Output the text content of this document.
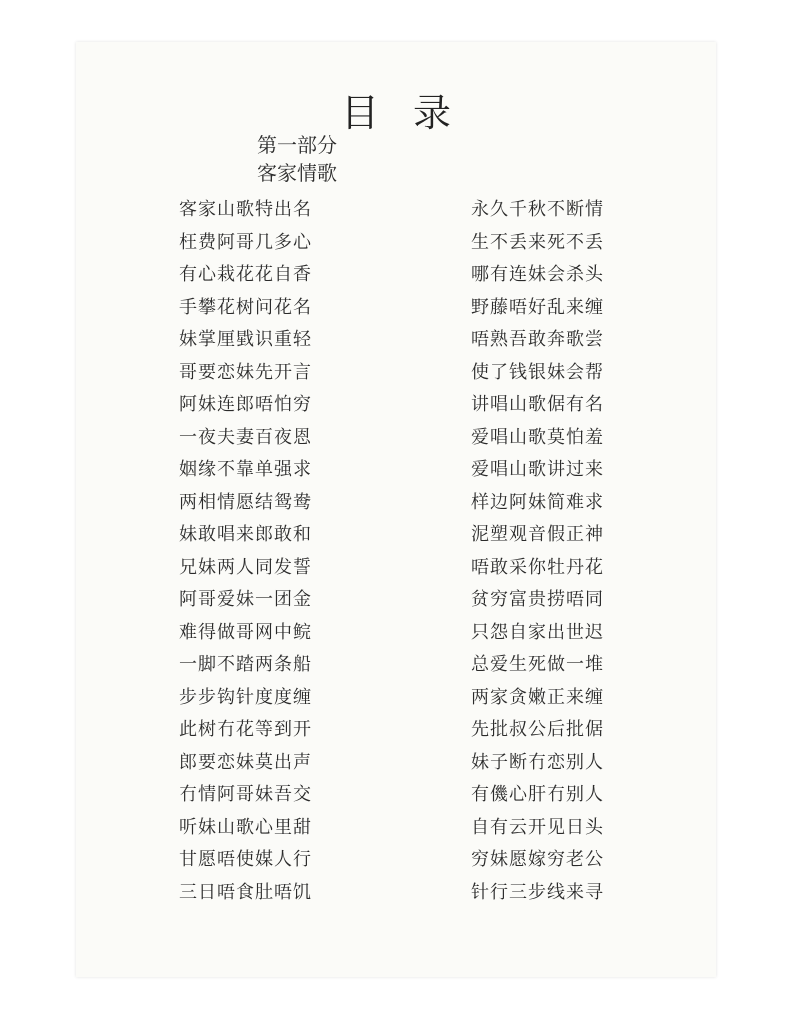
目录
第一部分
客家情歌
客家山歌特出名
枉费阿哥几多心
有心栽花花自香
手攀花树问花名
妹掌厘戥识重轻
哥要恋妹先开言
阿妹连郎唔怕穷
一夜夫妻百夜恩
姻缘不靠单强求
两相情愿结鸳鸯
妹敢唱来郎敢和
兄妹两人同发誓
阿哥爱妹一团金
难得做哥网中鲩
一脚不踏两条船
步步钩针度度缠
此树冇花等到开
郎要恋妹莫出声
冇情阿哥妹吾交
听妹山歌心里甜
甘愿唔使媒人行
三日唔食肚唔饥
永久千秋不断情
生不丢来死不丢
哪有连妹会杀头
野藤唔好乱来缠
唔熟吾敢奔歌尝
使了钱银妹会帮
讲唱山歌倨有名
爱唱山歌莫怕羞
爱唱山歌讲过来
样边阿妹简难求
泥塑观音假正神
唔敢采你牡丹花
贫穷富贵捞唔同
只怨自家出世迟
总爱生死做一堆
两家贪嫩正来缠
先批叔公后批倨
妹子断冇恋别人
有僟心肝冇别人
自有云开见日头
穷妹愿嫁穷老公
针行三步线来寻
